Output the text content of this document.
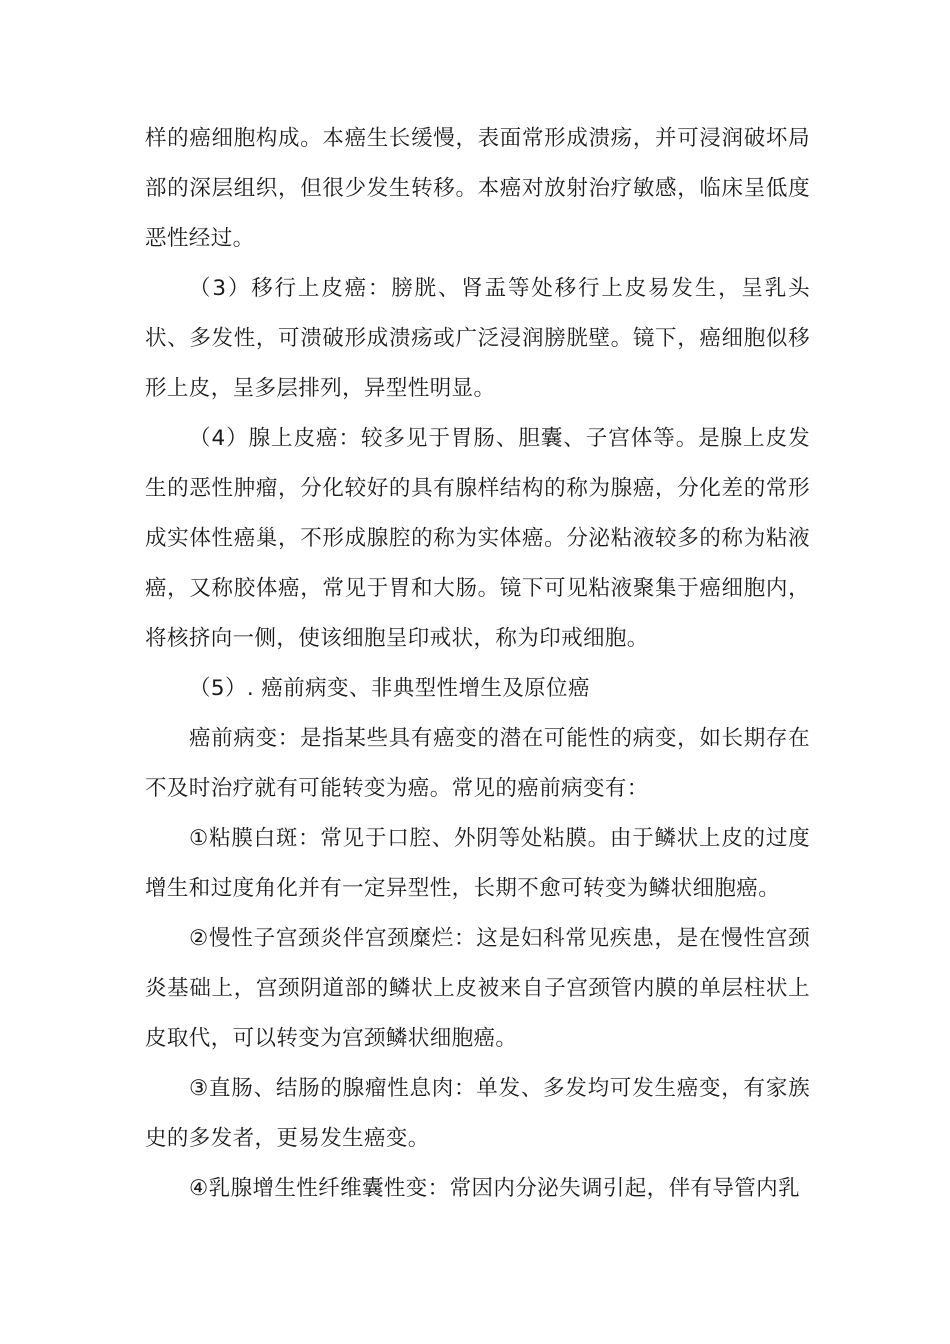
样的癌细胞构成。本癌生长缓慢，表面常形成溃疡，并可浸润破坏局部的深层组织，但很少发生转移。本癌对放射治疗敏感，临床呈低度恶性经过。

（3）移行上皮癌：膀胱、肾盂等处移行上皮易发生，呈乳头状、多发性，可溃破形成溃疡或广泛浸润膀胱壁。镜下，癌细胞似移形上皮，呈多层排列，异型性明显。

（4）腺上皮癌：较多见于胃肠、胆囊、子宫体等。是腺上皮发生的恶性肿瘤，分化较好的具有腺样结构的称为腺癌，分化差的常形成实体性癌巢，不形成腺腔的称为实体癌。分泌粘液较多的称为粘液癌，又称胶体癌，常见于胃和大肠。镜下可见粘液聚集于癌细胞内，将核挤向一侧，使该细胞呈印戒状，称为印戒细胞。

（5）. 癌前病变、非典型性增生及原位癌

癌前病变：是指某些具有癌变的潜在可能性的病变，如长期存在不及时治疗就有可能转变为癌。常见的癌前病变有：

①粘膜白斑：常见于口腔、外阴等处粘膜。由于鳞状上皮的过度增生和过度角化并有一定异型性，长期不愈可转变为鳞状细胞癌。

②慢性子宫颈炎伴宫颈糜烂：这是妇科常见疾患，是在慢性宫颈炎基础上，宫颈阴道部的鳞状上皮被来自子宫颈管内膜的单层柱状上皮取代，可以转变为宫颈鳞状细胞癌。

③直肠、结肠的腺瘤性息肉：单发、多发均可发生癌变，有家族史的多发者，更易发生癌变。

④乳腺增生性纤维囊性变：常因内分泌失调引起，伴有导管内乳
